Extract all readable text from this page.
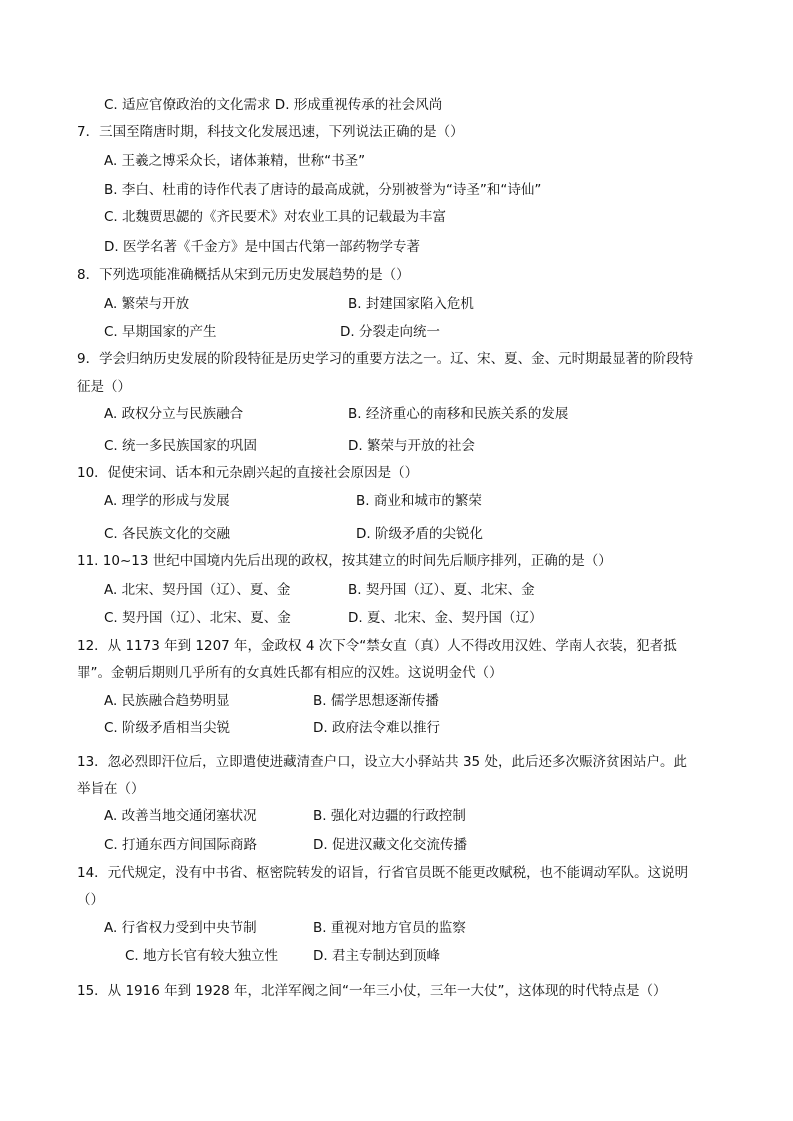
C. 适应官僚政治的文化需求 D. 形成重视传承的社会风尚
7．三国至隋唐时期，科技文化发展迅速，下列说法正确的是（）
A. 王羲之博采众长，诸体兼精，世称“书圣”
B. 李白、杜甫的诗作代表了唐诗的最高成就，分别被誉为“诗圣”和“诗仙”
C. 北魏贾思勰的《齐民要术》对农业工具的记载最为丰富
D. 医学名著《千金方》是中国古代第一部药物学专著
8．下列选项能准确概括从宋到元历史发展趋势的是（）
A. 繁荣与开放	B. 封建国家陷入危机
C. 早期国家的产生	D. 分裂走向统一
9．学会归纳历史发展的阶段特征是历史学习的重要方法之一。辽、宋、夏、金、元时期最显著的阶段特
征是（）
A. 政权分立与民族融合	B. 经济重心的南移和民族关系的发展
C. 统一多民族国家的巩固	D. 繁荣与开放的社会
10．促使宋词、话本和元杂剧兴起的直接社会原因是（）
A. 理学的形成与发展	B. 商业和城市的繁荣
C. 各民族文化的交融	D. 阶级矛盾的尖锐化
11. 10~13 世纪中国境内先后出现的政权，按其建立的时间先后顺序排列，正确的是（）
A. 北宋、契丹国（辽）、夏、金	B. 契丹国（辽）、夏、北宋、金
C. 契丹国（辽）、北宋、夏、金	D. 夏、北宋、金、契丹国（辽）
12．从 1173 年到 1207 年，金政权 4 次下令“禁女直（真）人不得改用汉姓、学南人衣装，犯者抵
罪”。金朝后期则几乎所有的女真姓氏都有相应的汉姓。这说明金代（）
A. 民族融合趋势明显	B. 儒学思想逐渐传播
C. 阶级矛盾相当尖锐	D. 政府法令难以推行
13．忽必烈即汗位后，立即遣使进藏清查户口，设立大小驿站共 35 处，此后还多次赈济贫困站户。此
举旨在（）
A. 改善当地交通闭塞状况	B. 强化对边疆的行政控制
C. 打通东西方间国际商路	D. 促进汉藏文化交流传播
14．元代规定，没有中书省、枢密院转发的诏旨，行省官员既不能更改赋税，也不能调动军队。这说明
（）
A. 行省权力受到中央节制	B. 重视对地方官员的监察
C. 地方长官有较大独立性	D. 君主专制达到顶峰
15．从 1916 年到 1928 年，北洋军阀之间“一年三小仗，三年一大仗”，这体现的时代特点是（）
